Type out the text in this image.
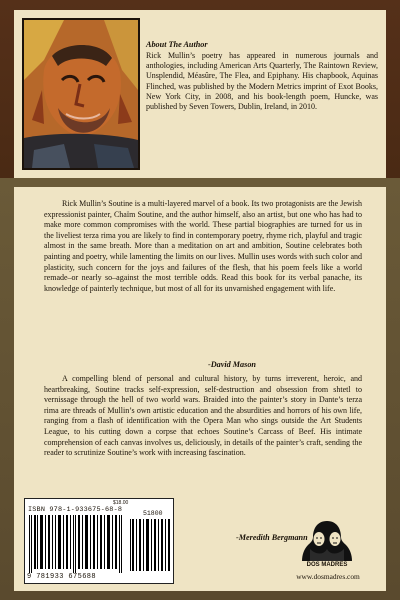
About The Author

Rick Mullin’s poetry has appeared in numerous journals and anthologies, including American Arts Quarterly, The Raintown Review, Unsplendid, Méasûre, The Flea, and Epiphany. His chapbook, Aquinas Flinched, was published by the Modern Metrics imprint of Exot Books, New York City, in 2008, and his book-length poem, Huncke, was published by Seven Towers, Dublin, Ireland, in 2010.

Rick Mullin’s Soutine is a multi-layered marvel of a book. Its two protagonists are the Jewish expressionist painter, Chaïm Soutine, and the author himself, also an artist, but one who has had to make more common compromises with the world. These partial biographies are turned for us in the liveliest terza rima you are likely to find in contemporary poetry, rhyme rich, playful and tragic almost in the same breath. More than a meditation on art and ambition, Soutine celebrates both painting and poetry, while lamenting the limits on our lives. Mullin uses words with such color and plasticity, such concern for the joys and failures of the flesh, that his poem feels like a world remade–or nearly so–against the most terrible odds. Read this book for its verbal panache, its knowledge of painterly technique, but most of all for its unvarnished engagement with life.

-David Mason

A compelling blend of personal and cultural history, by turns irreverent, heroic, and heartbreaking, Soutine tracks self-expression, self-destruction and obsession from shtetl to vernissage through the hell of two world wars. Braided into the painter’s story in Dante’s terza rima are threads of Mullin’s own artistic education and the absurdities and horrors of his own life, ranging from a flash of identification with the Opera Man who sings outside the Art Students League, to his cutting down a corpse that echoes Soutine’s Carcass of Beef. His intimate comprehension of each canvas involves us, deliciously, in details of the painter’s craft, sending the reader to scrutinize Soutine’s work with increasing fascination.

-Meredith Bergmann

$18.00

ISBN 978-1-933675-68-8	51800

9 781933 675688

DOS MADRES

www.dosmadres.com
